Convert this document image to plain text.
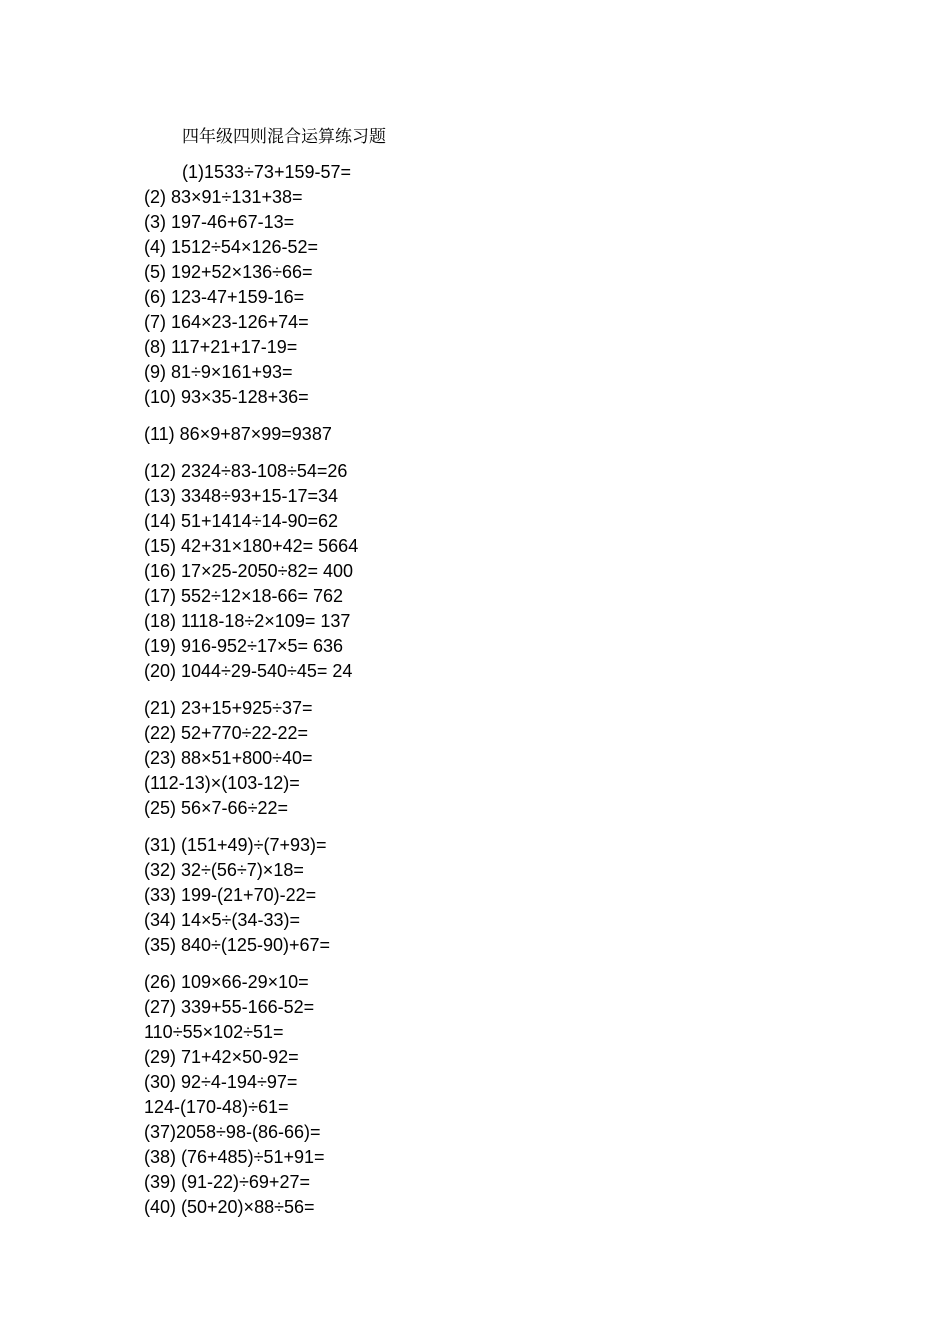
四年级四则混合运算练习题
(1)1533÷73+159-57=
(2) 83×91÷131+38=
(3) 197-46+67-13=
(4) 1512÷54×126-52=
(5) 192+52×136÷66=
(6) 123-47+159-16=
(7) 164×23-126+74=
(8) 117+21+17-19=
(9) 81÷9×161+93=
(10) 93×35-128+36=
(11) 86×9+87×99=9387
(12) 2324÷83-108÷54=26
(13) 3348÷93+15-17=34
(14) 51+1414÷14-90=62
(15) 42+31×180+42= 5664
(16) 17×25-2050÷82= 400
(17) 552÷12×18-66= 762
(18) 1118-18÷2×109= 137
(19) 916-952÷17×5= 636
(20) 1044÷29-540÷45= 24
(21) 23+15+925÷37=
(22) 52+770÷22-22=
(23) 88×51+800÷40=
(112-13)×(103-12)=
(25) 56×7-66÷22=
(31) (151+49)÷(7+93)=
(32) 32÷(56÷7)×18=
(33) 199-(21+70)-22=
(34) 14×5÷(34-33)=
(35) 840÷(125-90)+67=
(26) 109×66-29×10=
(27) 339+55-166-52=
110÷55×102÷51=
(29) 71+42×50-92=
(30) 92÷4-194÷97=
124-(170-48)÷61=
(37)2058÷98-(86-66)=
(38) (76+485)÷51+91=
(39) (91-22)÷69+27=
(40) (50+20)×88÷56=
